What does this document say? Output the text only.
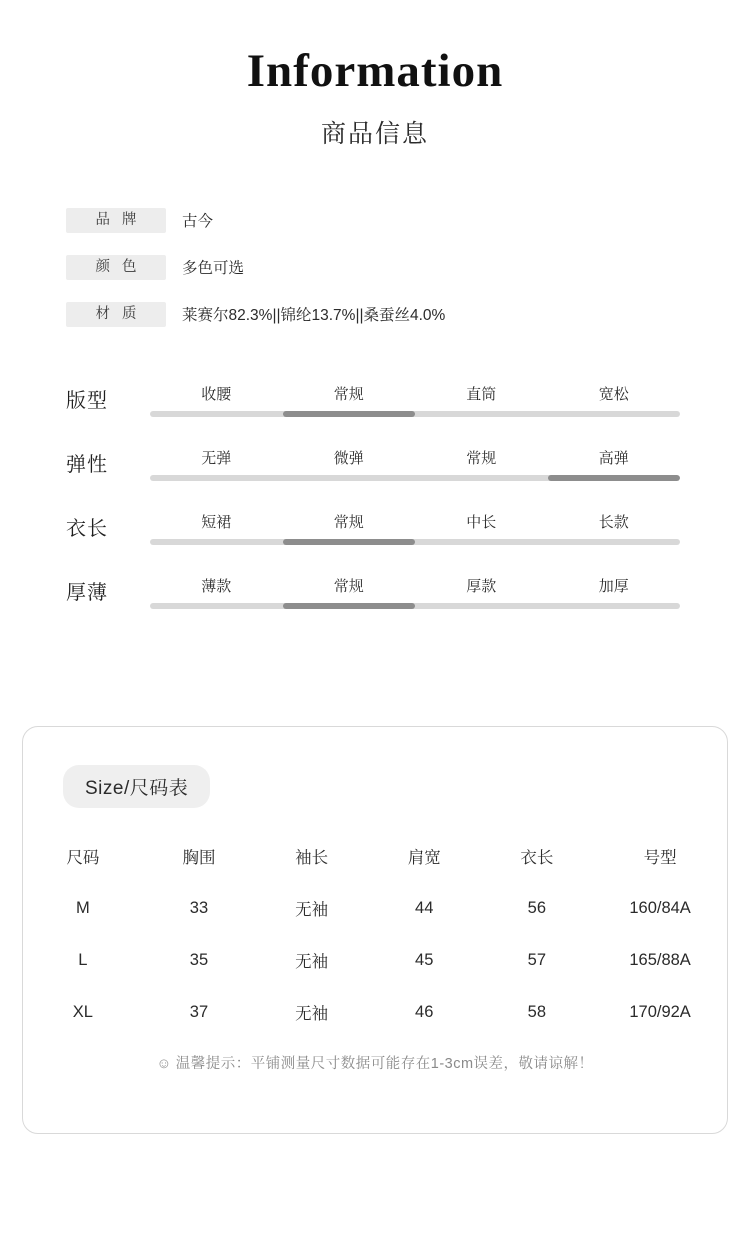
Information
商品信息
品 牌	古今
颜 色	多色可选
材 质	莱赛尔82.3%||锦纶13.7%||桑蚕丝4.0%
版型	收腰	常规	直筒	宽松
弹性	无弹	微弹	常规	高弹
衣长	短裙	常规	中长	长款
厚薄	薄款	常规	厚款	加厚
Size/尺码表
尺码	胸围	袖长	肩宽	衣长	号型
M	33	无袖	44	56	160/84A
L	35	无袖	45	57	165/88A
XL	37	无袖	46	58	170/92A
☺ 温馨提示：平铺测量尺寸数据可能存在1-3cm误差，敬请谅解！
